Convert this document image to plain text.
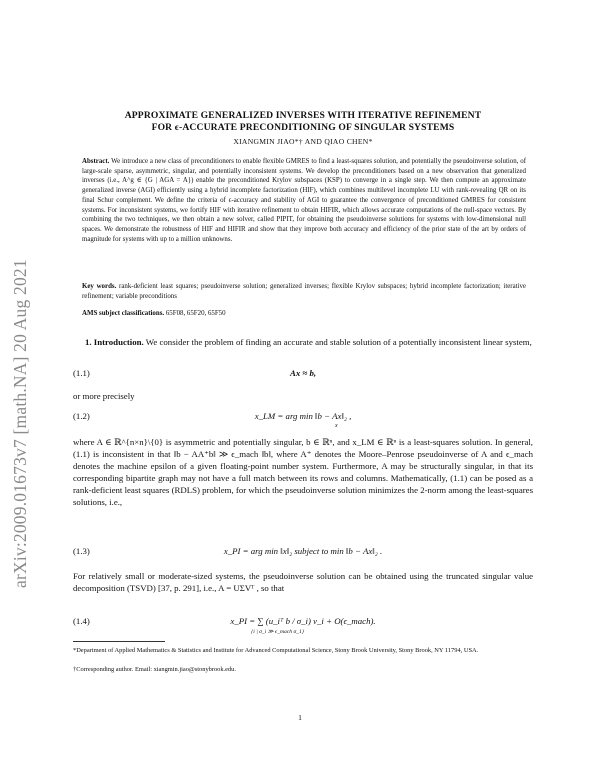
arXiv:2009.01673v7 [math.NA] 20 Aug 2021
APPROXIMATE GENERALIZED INVERSES WITH ITERATIVE REFINEMENT
FOR ϵ-ACCURATE PRECONDITIONING OF SINGULAR SYSTEMS
XIANGMIN JIAO*† AND QIAO CHEN*
Abstract. We introduce a new class of preconditioners to enable flexible GMRES to find a least-squares solution, and potentially the pseudoinverse solution, of large-scale sparse, asymmetric, singular, and potentially inconsistent systems. We develop the preconditioners based on a new observation that generalized inverses (i.e., A^g ∈ {G | AGA = A}) enable the preconditioned Krylov subspaces (KSP) to converge in a single step. We then compute an approximate generalized inverse (AGI) efficiently using a hybrid incomplete factorization (HIF), which combines multilevel incomplete LU with rank-revealing QR on its final Schur complement. We define the criteria of ϵ-accuracy and stability of AGI to guarantee the convergence of preconditioned GMRES for consistent systems. For inconsistent systems, we fortify HIF with iterative refinement to obtain HIFIR, which allows accurate computations of the null-space vectors. By combining the two techniques, we then obtain a new solver, called PIPIT, for obtaining the pseudoinverse solutions for systems with low-dimensional null spaces. We demonstrate the robustness of HIF and HIFIR and show that they improve both accuracy and efficiency of the prior state of the art by orders of magnitude for systems with up to a million unknowns.
Key words. rank-deficient least squares; pseudoinverse solution; generalized inverses; flexible Krylov subspaces; hybrid incomplete factorization; iterative refinement; variable preconditions
AMS subject classifications. 65F08, 65F20, 65F50
1. Introduction. We consider the problem of finding an accurate and stable solution of a potentially inconsistent linear system,
(1.1)	Ax ≈ b,
or more precisely
(1.2)	x_LM = arg min ‖b − Ax‖₂ ,
x
where A ∈ ℝ^{n×n}\{0} is asymmetric and potentially singular, b ∈ ℝⁿ, and x_LM ∈ ℝⁿ is a least-squares solution. In general, (1.1) is inconsistent in that ‖b − AA⁺b‖ ≫ ϵ_mach ‖b‖, where A⁺ denotes the Moore–Penrose pseudoinverse of A and ϵ_mach denotes the machine epsilon of a given floating-point number system. Furthermore, A may be structurally singular, in that its corresponding bipartite graph may not have a full match between its rows and columns. Mathematically, (1.1) can be posed as a rank-deficient least squares (RDLS) problem, for which the pseudoinverse solution minimizes the 2-norm among the least-squares solutions, i.e.,
(1.3)	x_PI = arg min ‖x‖₂ subject to min ‖b − Ax‖₂ .
For relatively small or moderate-sized systems, the pseudoinverse solution can be obtained using the truncated singular value decomposition (TSVD) [37, p. 291], i.e., A = UΣVᵀ , so that
(1.4)	x_PI = ∑ (u_iᵀ b / σ_i) v_i + O(ϵ_mach).
{i | σ_i ≫ ϵ_mach σ_1}
*Department of Applied Mathematics & Statistics and Institute for Advanced Computational Science, Stony Brook University, Stony Brook, NY 11794, USA.
†Corresponding author. Email: xiangmin.jiao@stonybrook.edu.
1
